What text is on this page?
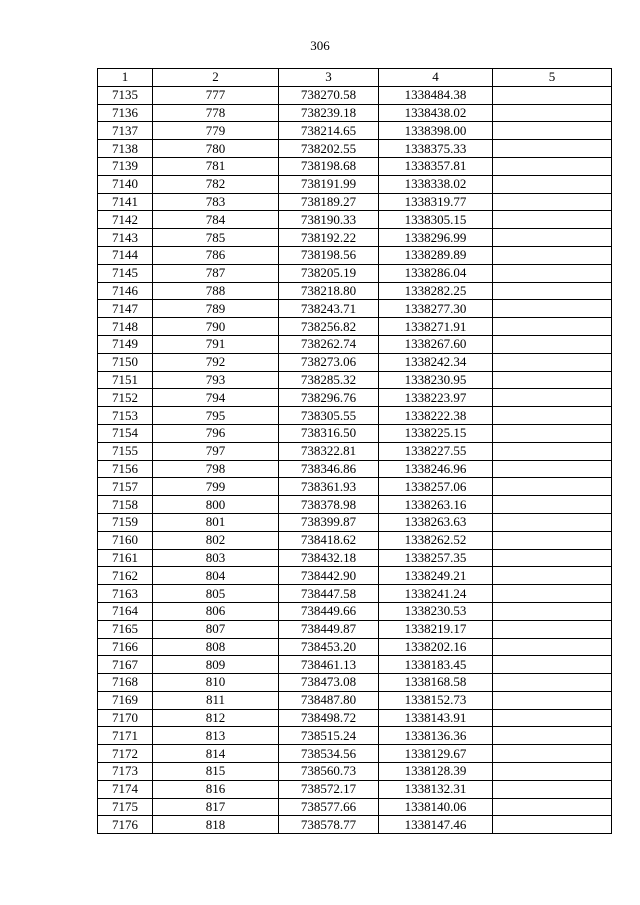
306
1	2	3	4	5
7135	777	738270.58	1338484.38	
7136	778	738239.18	1338438.02	
7137	779	738214.65	1338398.00	
7138	780	738202.55	1338375.33	
7139	781	738198.68	1338357.81	
7140	782	738191.99	1338338.02	
7141	783	738189.27	1338319.77	
7142	784	738190.33	1338305.15	
7143	785	738192.22	1338296.99	
7144	786	738198.56	1338289.89	
7145	787	738205.19	1338286.04	
7146	788	738218.80	1338282.25	
7147	789	738243.71	1338277.30	
7148	790	738256.82	1338271.91	
7149	791	738262.74	1338267.60	
7150	792	738273.06	1338242.34	
7151	793	738285.32	1338230.95	
7152	794	738296.76	1338223.97	
7153	795	738305.55	1338222.38	
7154	796	738316.50	1338225.15	
7155	797	738322.81	1338227.55	
7156	798	738346.86	1338246.96	
7157	799	738361.93	1338257.06	
7158	800	738378.98	1338263.16	
7159	801	738399.87	1338263.63	
7160	802	738418.62	1338262.52	
7161	803	738432.18	1338257.35	
7162	804	738442.90	1338249.21	
7163	805	738447.58	1338241.24	
7164	806	738449.66	1338230.53	
7165	807	738449.87	1338219.17	
7166	808	738453.20	1338202.16	
7167	809	738461.13	1338183.45	
7168	810	738473.08	1338168.58	
7169	811	738487.80	1338152.73	
7170	812	738498.72	1338143.91	
7171	813	738515.24	1338136.36	
7172	814	738534.56	1338129.67	
7173	815	738560.73	1338128.39	
7174	816	738572.17	1338132.31	
7175	817	738577.66	1338140.06	
7176	818	738578.77	1338147.46	
